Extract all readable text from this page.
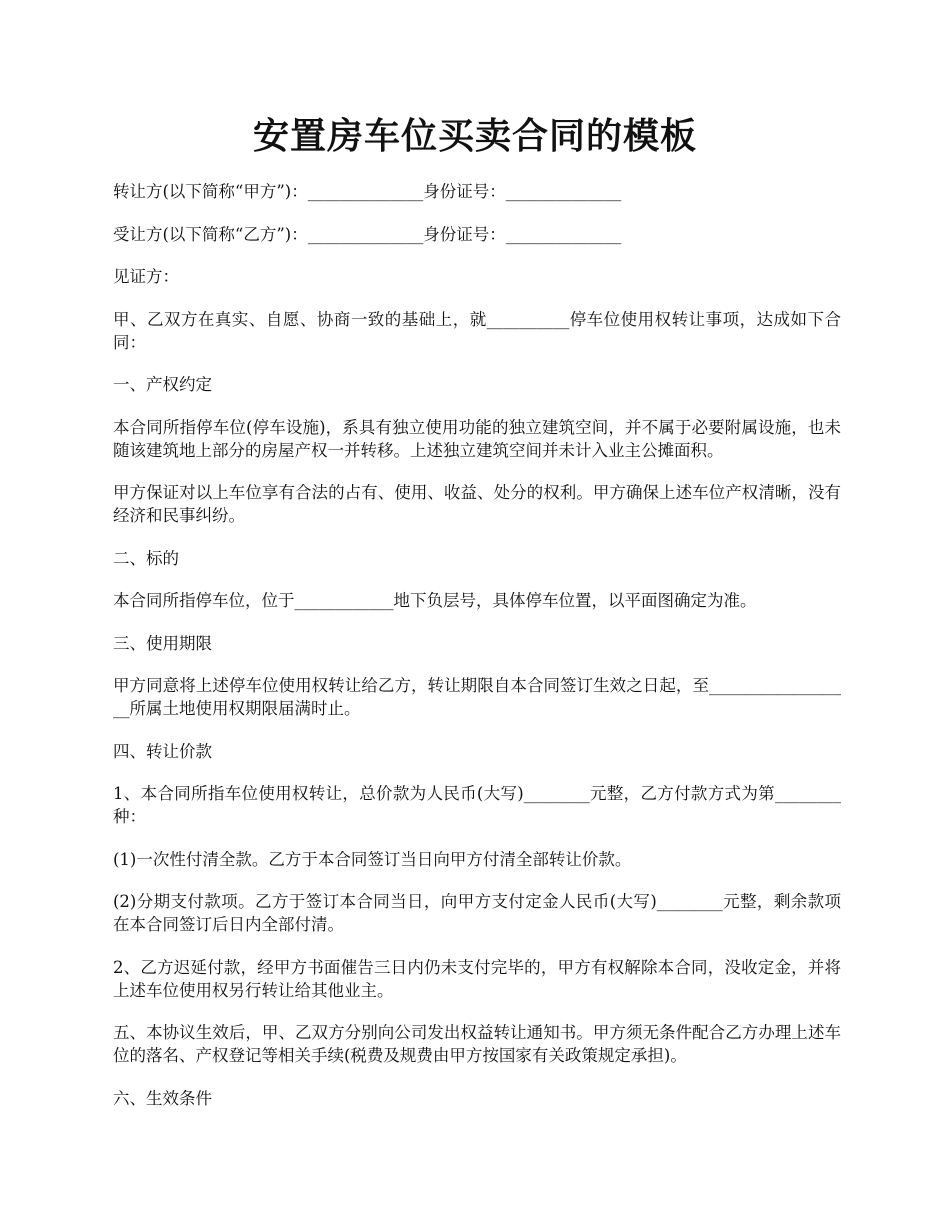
安置房车位买卖合同的模板

转让方(以下简称“甲方”)：______________身份证号：______________

受让方(以下简称“乙方”)：______________身份证号：______________

见证方：

甲、乙双方在真实、自愿、协商一致的基础上，就__________停车位使用权转让事项，达成如下合同：

一、产权约定

本合同所指停车位(停车设施)，系具有独立使用功能的独立建筑空间，并不属于必要附属设施，也未随该建筑地上部分的房屋产权一并转移。上述独立建筑空间并未计入业主公摊面积。

甲方保证对以上车位享有合法的占有、使用、收益、处分的权利。甲方确保上述车位产权清晰，没有经济和民事纠纷。

二、标的

本合同所指停车位，位于____________地下负层号，具体停车位置，以平面图确定为准。

三、使用期限

甲方同意将上述停车位使用权转让给乙方，转让期限自本合同签订生效之日起，至__________________所属土地使用权期限届满时止。

四、转让价款

1、本合同所指车位使用权转让，总价款为人民币(大写)________元整，乙方付款方式为第________种：

(1)一次性付清全款。乙方于本合同签订当日向甲方付清全部转让价款。

(2)分期支付款项。乙方于签订本合同当日，向甲方支付定金人民币(大写)________元整，剩余款项在本合同签订后日内全部付清。

2、乙方迟延付款，经甲方书面催告三日内仍未支付完毕的，甲方有权解除本合同，没收定金，并将上述车位使用权另行转让给其他业主。

五、本协议生效后，甲、乙双方分别向公司发出权益转让通知书。甲方须无条件配合乙方办理上述车位的落名、产权登记等相关手续(税费及规费由甲方按国家有关政策规定承担)。

六、生效条件
